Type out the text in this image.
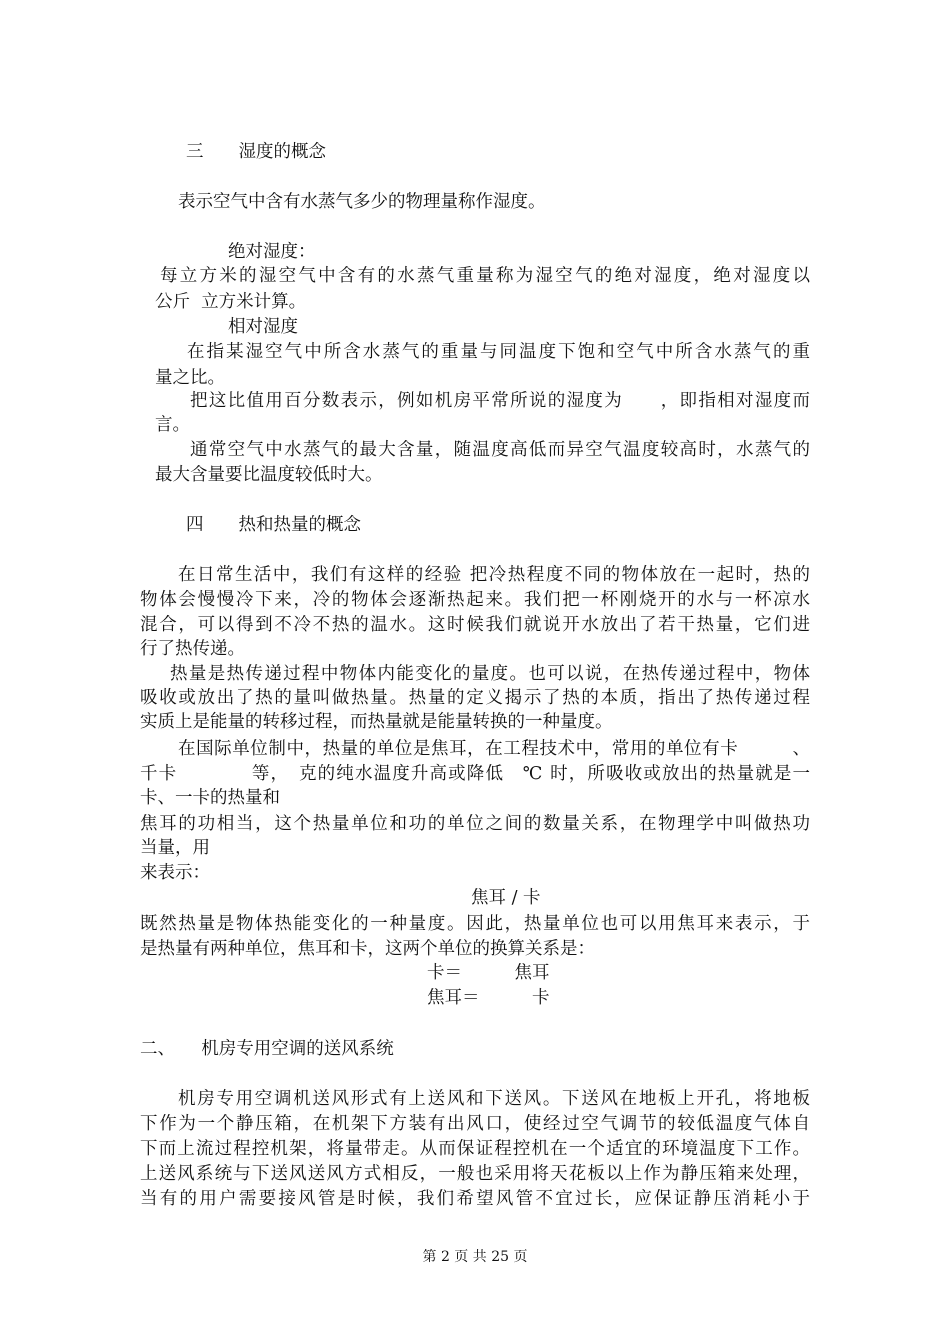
三　　湿度的概念
表示空气中含有水蒸气多少的物理量称作湿度。
绝对湿度：
每立方米的湿空气中含有的水蒸气重量称为湿空气的绝对湿度，绝对湿度以
公斤  立方米计算。
相对湿度
在指某湿空气中所含水蒸气的重量与同温度下饱和空气中所含水蒸气的重
量之比。
把这比值用百分数表示，例如机房平常所说的湿度为　　，即指相对湿度而
言。
通常空气中水蒸气的最大含量，随温度高低而异空气温度较高时，水蒸气的
最大含量要比温度较低时大。
四　　热和热量的概念
在日常生活中，我们有这样的经验 把冷热程度不同的物体放在一起时，热的
物体会慢慢冷下来，冷的物体会逐渐热起来。我们把一杯刚烧开的水与一杯凉水
混合，可以得到不冷不热的温水。这时候我们就说开水放出了若干热量，它们进
行了热传递。
热量是热传递过程中物体内能变化的量度。也可以说，在热传递过程中，物体
吸收或放出了热的量叫做热量。热量的定义揭示了热的本质，指出了热传递过程
实质上是能量的转移过程，而热量就是能量转换的一种量度。
在国际单位制中，热量的单位是焦耳，在工程技术中，常用的单位有卡　　　、
千卡　　　　等，　克的纯水温度升高或降低　℃ 时，所吸收或放出的热量就是一
卡、一卡的热量和
焦耳的功相当，这个热量单位和功的单位之间的数量关系，在物理学中叫做热功
当量，用
来表示：
焦耳 / 卡
既然热量是物体热能变化的一种量度。因此，热量单位也可以用焦耳来表示，于
是热量有两种单位，焦耳和卡，这两个单位的换算关系是：
卡＝　　　焦耳
焦耳＝　　　卡
二、　　机房专用空调的送风系统
机房专用空调机送风形式有上送风和下送风。下送风在地板上开孔，将地板
下作为一个静压箱，在机架下方装有出风口，使经过空气调节的较低温度气体自
下而上流过程控机架，将量带走。从而保证程控机在一个适宜的环境温度下工作。
上送风系统与下送风送风方式相反，一般也采用将天花板以上作为静压箱来处理，
当有的用户需要接风管是时候，我们希望风管不宜过长，应保证静压消耗小于
第 2 页 共 25 页
